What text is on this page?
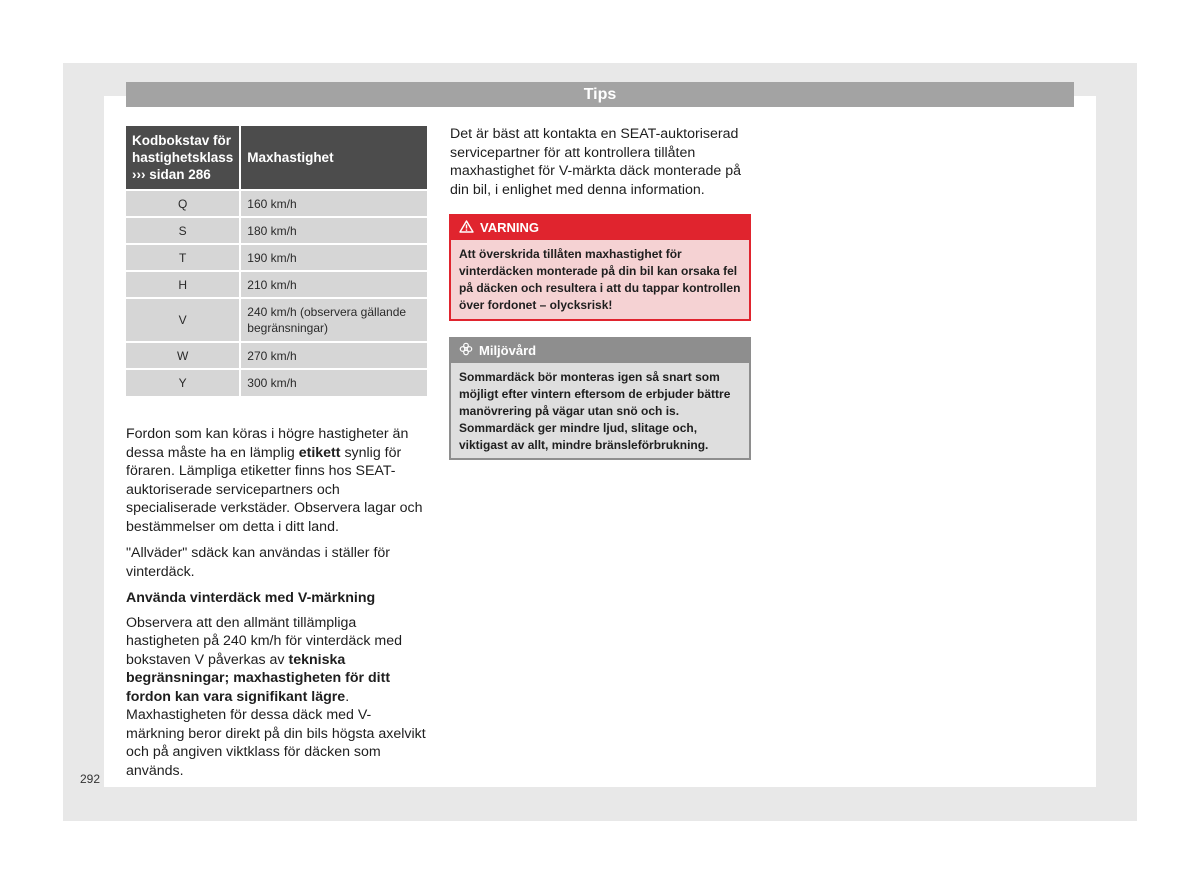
Tips
Kodbokstav för
hastighetsklass
››› sidan 286	Maxhastighet
Q	160 km/h
S	180 km/h
T	190 km/h
H	210 km/h
V	240 km/h (observera gällande begränsningar)
W	270 km/h
Y	300 km/h

Fordon som kan köras i högre hastigheter än dessa måste ha en lämplig etikett synlig för föraren. Lämpliga etiketter finns hos SEAT-auktoriserade servicepartners och specialiserade verkstäder. Observera lagar och bestämmelser om detta i ditt land.

"Allväder" sdäck kan användas i ställer för vinterdäck.

Använda vinterdäck med V-märkning

Observera att den allmänt tillämpliga hastigheten på 240 km/h för vinterdäck med bokstaven V påverkas av tekniska begränsningar; maxhastigheten för ditt fordon kan vara signifikant lägre. Maxhastigheten för dessa däck med V-märkning beror direkt på din bils högsta axelvikt och på angiven viktklass för däcken som används.

Det är bäst att kontakta en SEAT-auktoriserad servicepartner för att kontrollera tillåten maxhastighet för V-märkta däck monterade på din bil, i enlighet med denna information.

VARNING
Att överskrida tillåten maxhastighet för vinterdäcken monterade på din bil kan orsaka fel på däcken och resultera i att du tappar kontrollen över fordonet – olycksrisk!
Miljövård
Sommardäck bör monteras igen så snart som möjligt efter vintern eftersom de erbjuder bättre manövrering på vägar utan snö och is. Sommardäck ger mindre ljud, slitage och, viktigast av allt, mindre bränsleförbrukning.
292
